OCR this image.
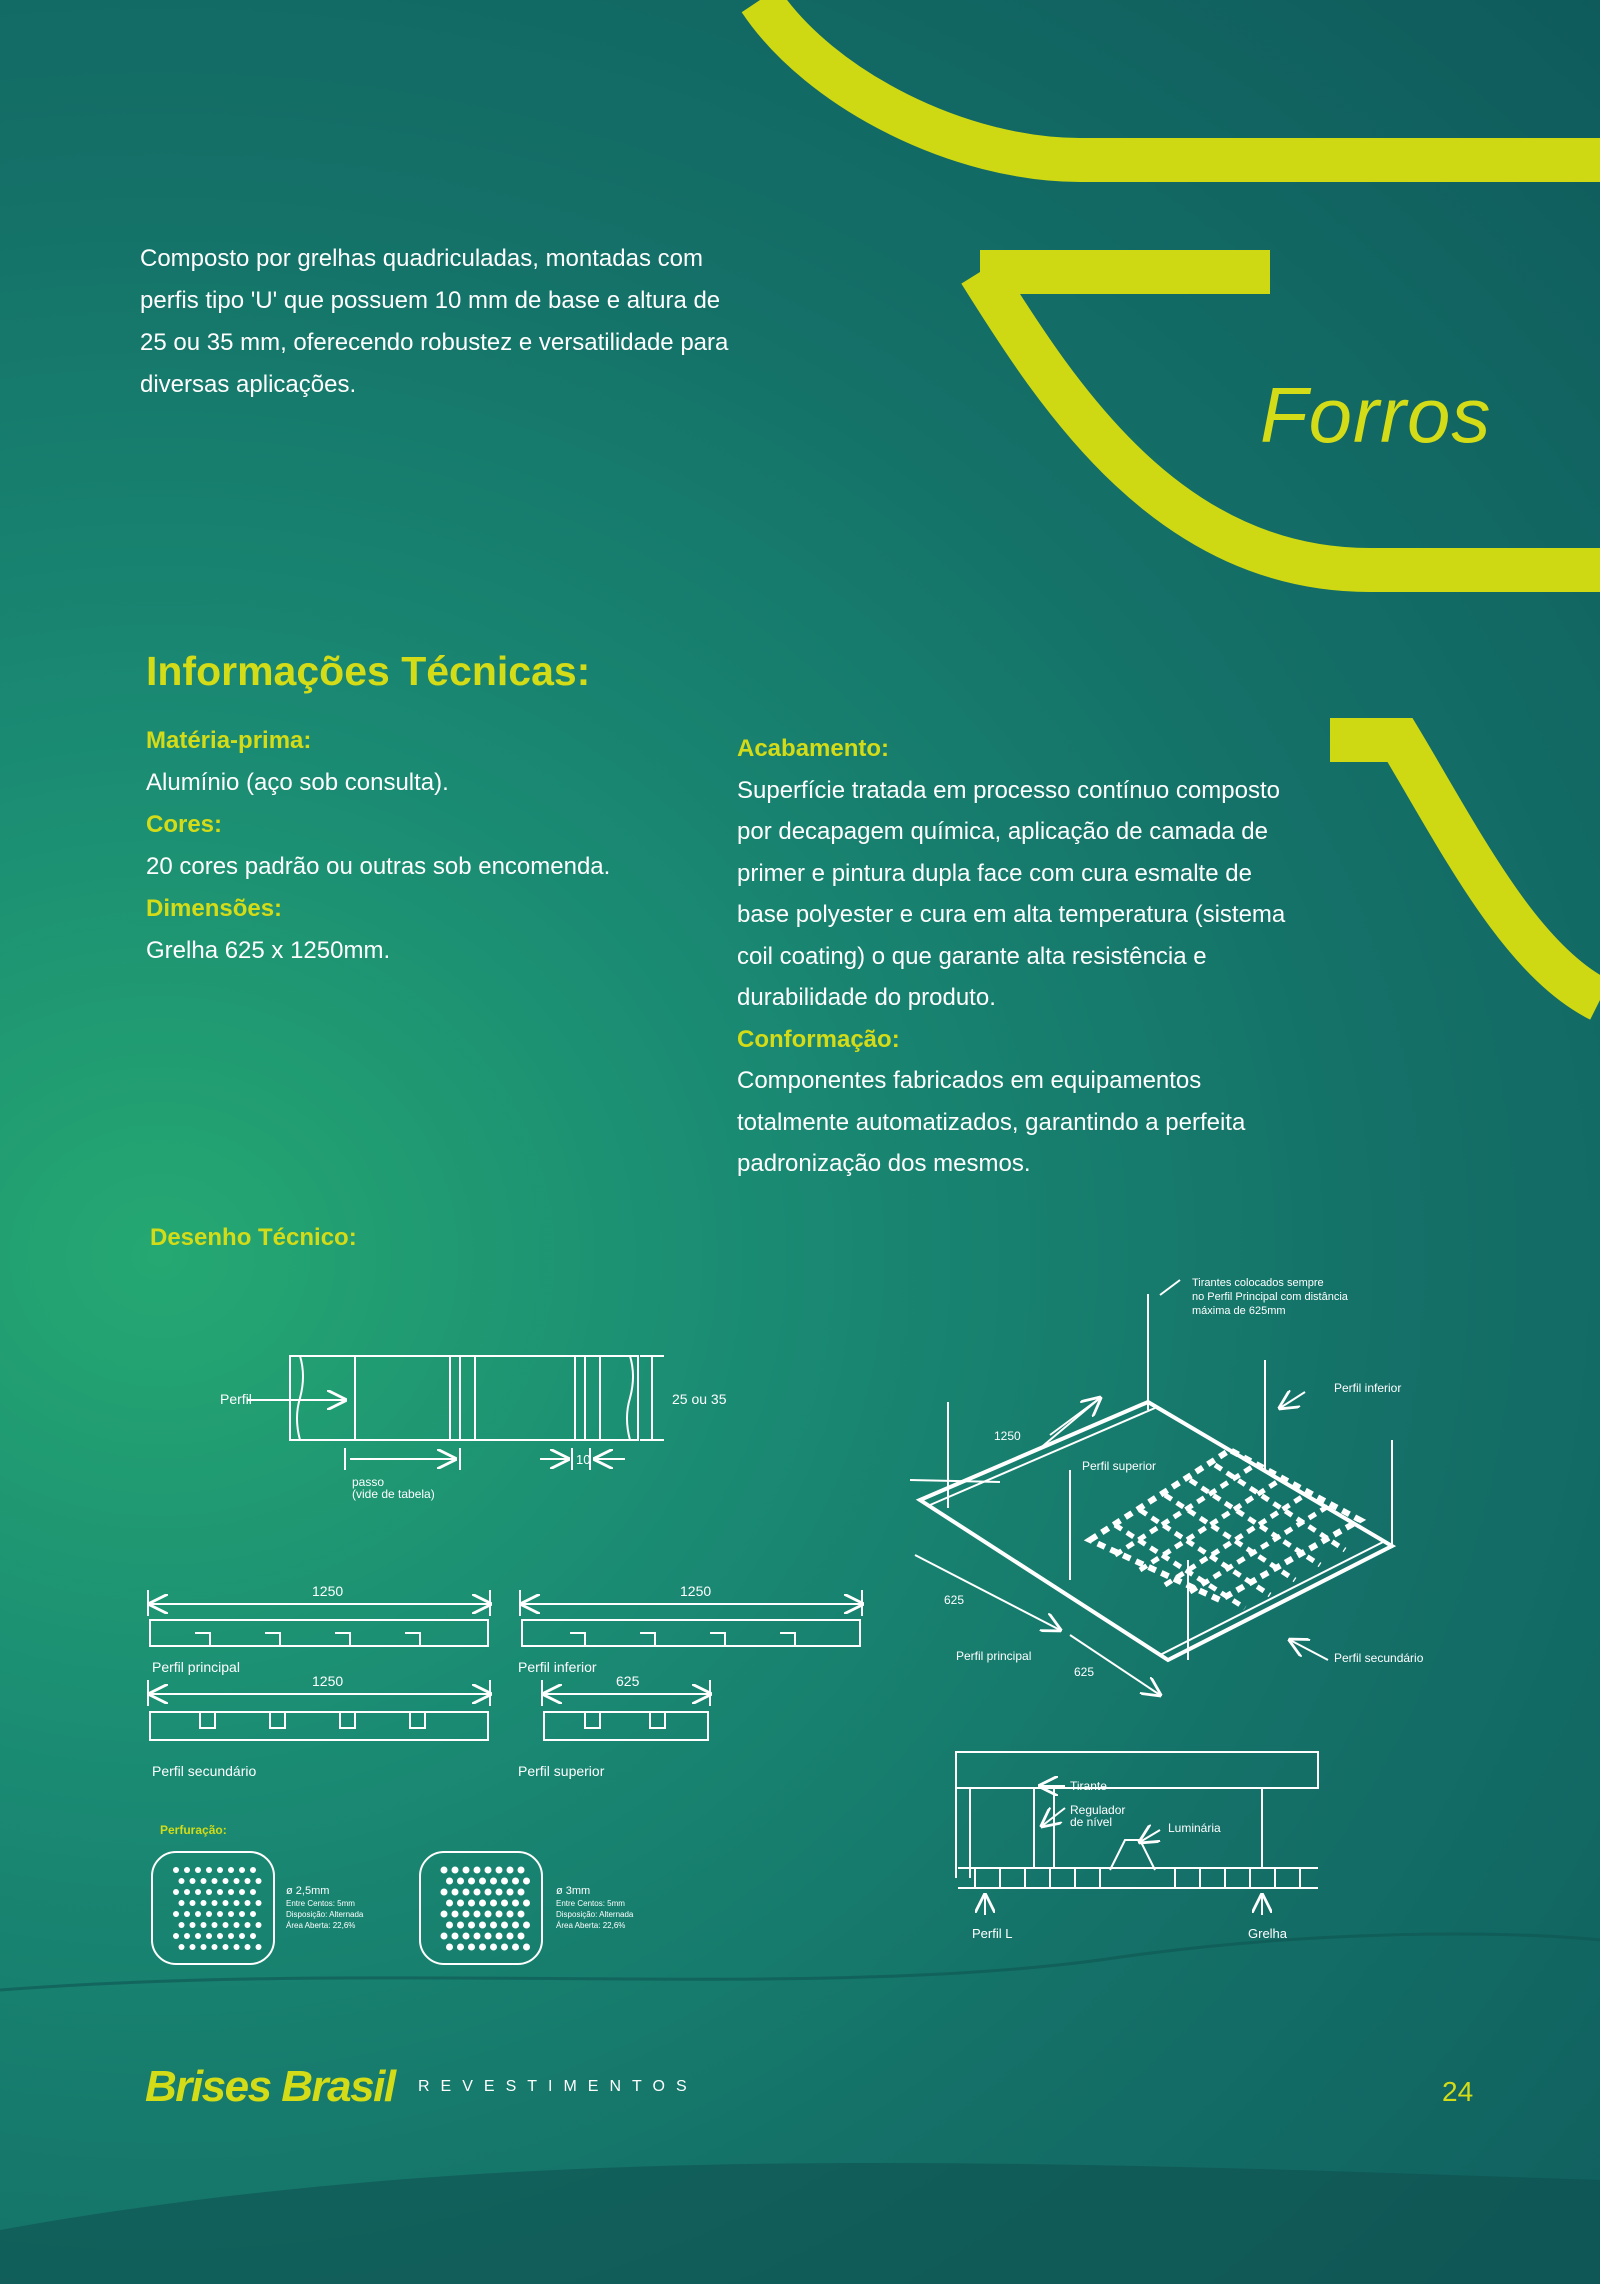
Composto por grelhas quadriculadas, montadas com perfis tipo 'U' que possuem 10 mm de base e altura de 25 ou 35 mm, oferecendo robustez e versatilidade para diversas aplicações.	Forros
Informações Técnicas:
Matéria-prima:
Alumínio (aço sob consulta).
Cores:
20 cores padrão ou outras sob encomenda.
Dimensões:
Grelha 625 x 1250mm.
Acabamento:
Superfície tratada em processo contínuo composto por decapagem química, aplicação de camada de primer e pintura dupla face com cura esmalte de base polyester e cura em alta temperatura (sistema coil coating) o que garante alta resistência e durabilidade do produto.
Conformação:
Componentes fabricados em equipamentos totalmente automatizados, garantindo a perfeita padronização dos mesmos.
Desenho Técnico:
Perfil	25 ou 35
passo
(vide de tabela)
10
1250	1250
1250	625
Perfil principal	Perfil inferior
Perfil secundário	Perfil superior
Perfuração:
ø 2,5mm
Entre Centos: 5mm
Disposição: Alternada
Área Aberta: 22,6%
ø 3mm
Entre Centos: 5mm
Disposição: Alternada
Área Aberta: 22,6%
Tirantes colocados sempre
no Perfil Principal com distância
máxima de 625mm
Perfil inferior
Perfil superior
1250
625
625
Perfil principal	Perfil secundário
Tirante
Regulador
de nível	Luminária
Perfil L	Grelha
Brises Brasil REVESTIMENTOS	24
